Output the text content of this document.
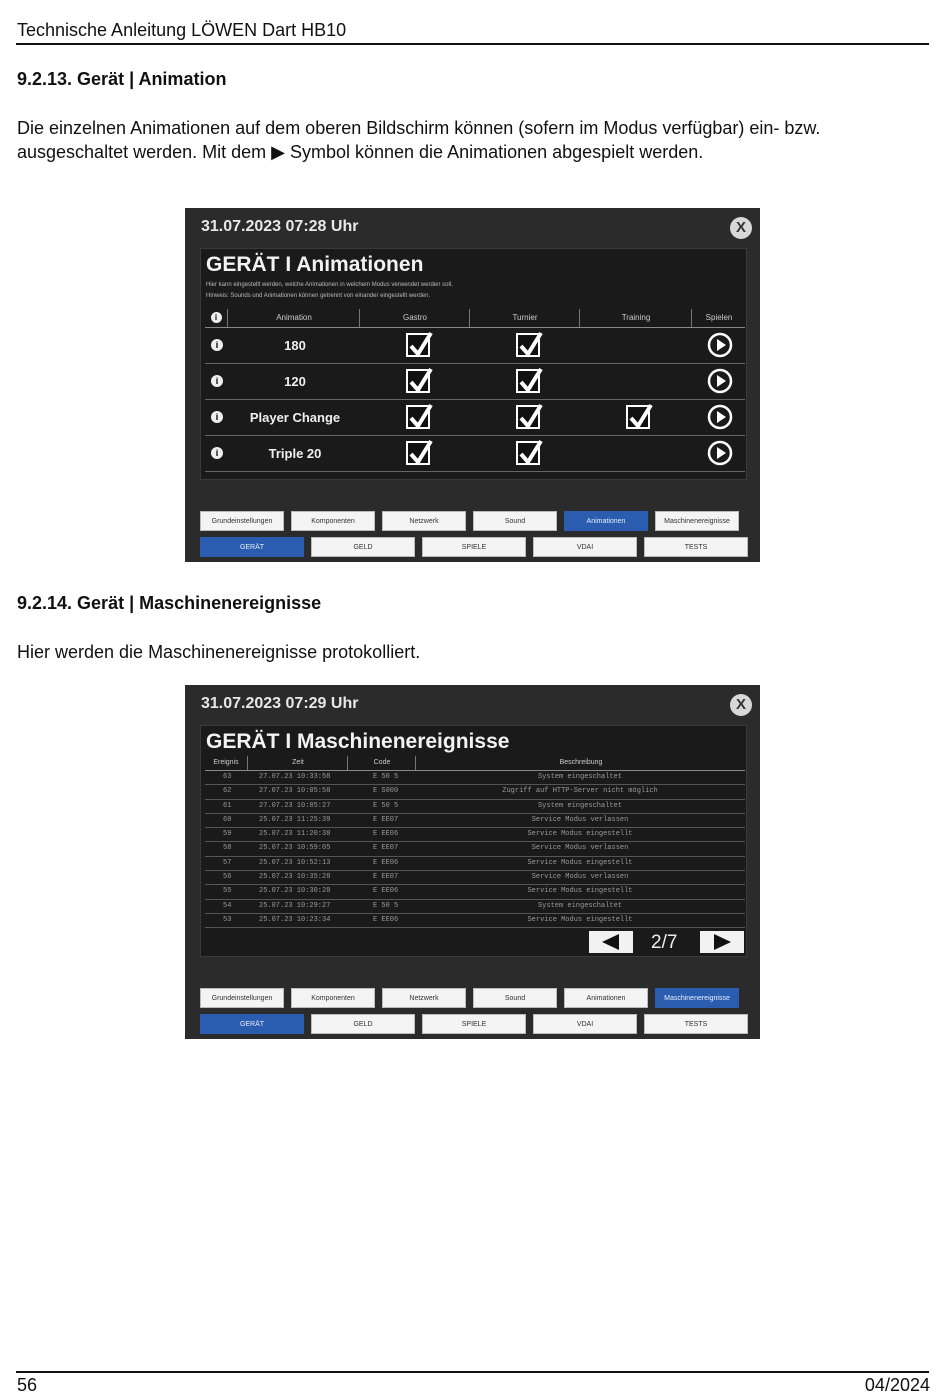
Technische Anleitung LÖWEN Dart HB10
9.2.13. Gerät | Animation
Die einzelnen Animationen auf dem oberen Bildschirm können (sofern im Modus verfügbar) ein- bzw.
ausgeschaltet werden. Mit dem ▶ Symbol können die Animationen abgespielt werden.
31.07.2023 07:28 Uhr	X
GERÄT I Animationen
Hier kann eingestellt werden, welche Animationen in welchem Modus verwendet werden soll.
Hinweis: Sounds und Animationen können getrennt von einander eingestellt werden.
i	Animation	Gastro	Turnier	Training	Spielen
i	180
i	120
i	Player Change
i	Triple 20
Grundeinstellungen	Komponenten	Netzwerk	Sound	Animationen	Maschinenereignisse
GERÄT	GELD	SPIELE	VDAI	TESTS
9.2.14. Gerät | Maschinenereignisse
Hier werden die Maschinenereignisse protokolliert.
31.07.2023 07:29 Uhr	X
GERÄT I Maschinenereignisse
Ereignis	Zeit	Code	Beschreibung
63	27.07.23 10:33:58	E 50 5	System eingeschaltet
62	27.07.23 10:05:58	E S000	Zugriff auf HTTP-Server nicht möglich
61	27.07.23 10:05:27	E 50 5	System eingeschaltet
60	25.07.23 11:25:39	E EE07	Service Modus verlassen
59	25.07.23 11:20:38	E EE06	Service Modus eingestellt
58	25.07.23 10:59:05	E EE07	Service Modus verlassen
57	25.07.23 10:52:13	E EE06	Service Modus eingestellt
56	25.07.23 10:35:28	E EE07	Service Modus verlassen
55	25.07.23 10:30:28	E EE06	Service Modus eingestellt
54	25.07.23 10:29:27	E 50 5	System eingeschaltet
53	25.07.23 10:23:34	E EE06	Service Modus eingestellt
2/7
Grundeinstellungen	Komponenten	Netzwerk	Sound	Animationen	Maschinenereignisse
GERÄT	GELD	SPIELE	VDAI	TESTS
56	04/2024
